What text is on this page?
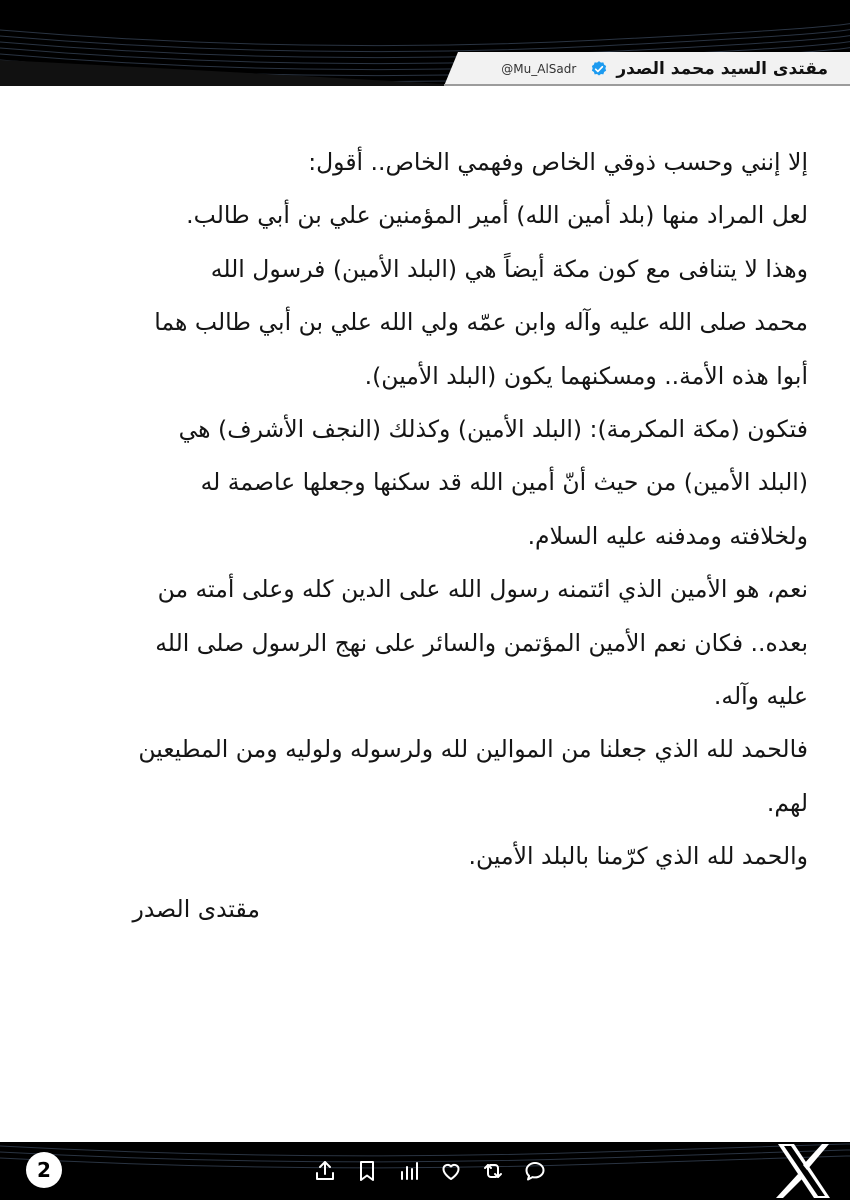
مقتدى السيد محمد الصدر
@Mu_AlSadr
إلا إنني وحسب ذوقي الخاص وفهمي الخاص.. أقول:
لعل المراد منها (بلد أمين الله) أمير المؤمنين علي بن أبي طالب.
وهذا لا يتنافى مع كون مكة أيضاً هي (البلد الأمين) فرسول الله
محمد صلى الله عليه وآله وابن عمّه ولي الله علي بن أبي طالب هما
أبوا هذه الأمة.. ومسكنهما يكون (البلد الأمين).
فتكون (مكة المكرمة): (البلد الأمين) وكذلك (النجف الأشرف) هي
(البلد الأمين) من حيث أنّ أمين الله قد سكنها وجعلها عاصمة له
ولخلافته ومدفنه عليه السلام.
نعم، هو الأمين الذي ائتمنه رسول الله على الدين كله وعلى أمته من
بعده.. فكان نعم الأمين المؤتمن والسائر على نهج الرسول صلى الله
عليه وآله.
فالحمد لله الذي جعلنا من الموالين لله ولرسوله ولوليه ومن المطيعين
لهم.
والحمد لله الذي كرّمنا بالبلد الأمين.
مقتدى الصدر
2
